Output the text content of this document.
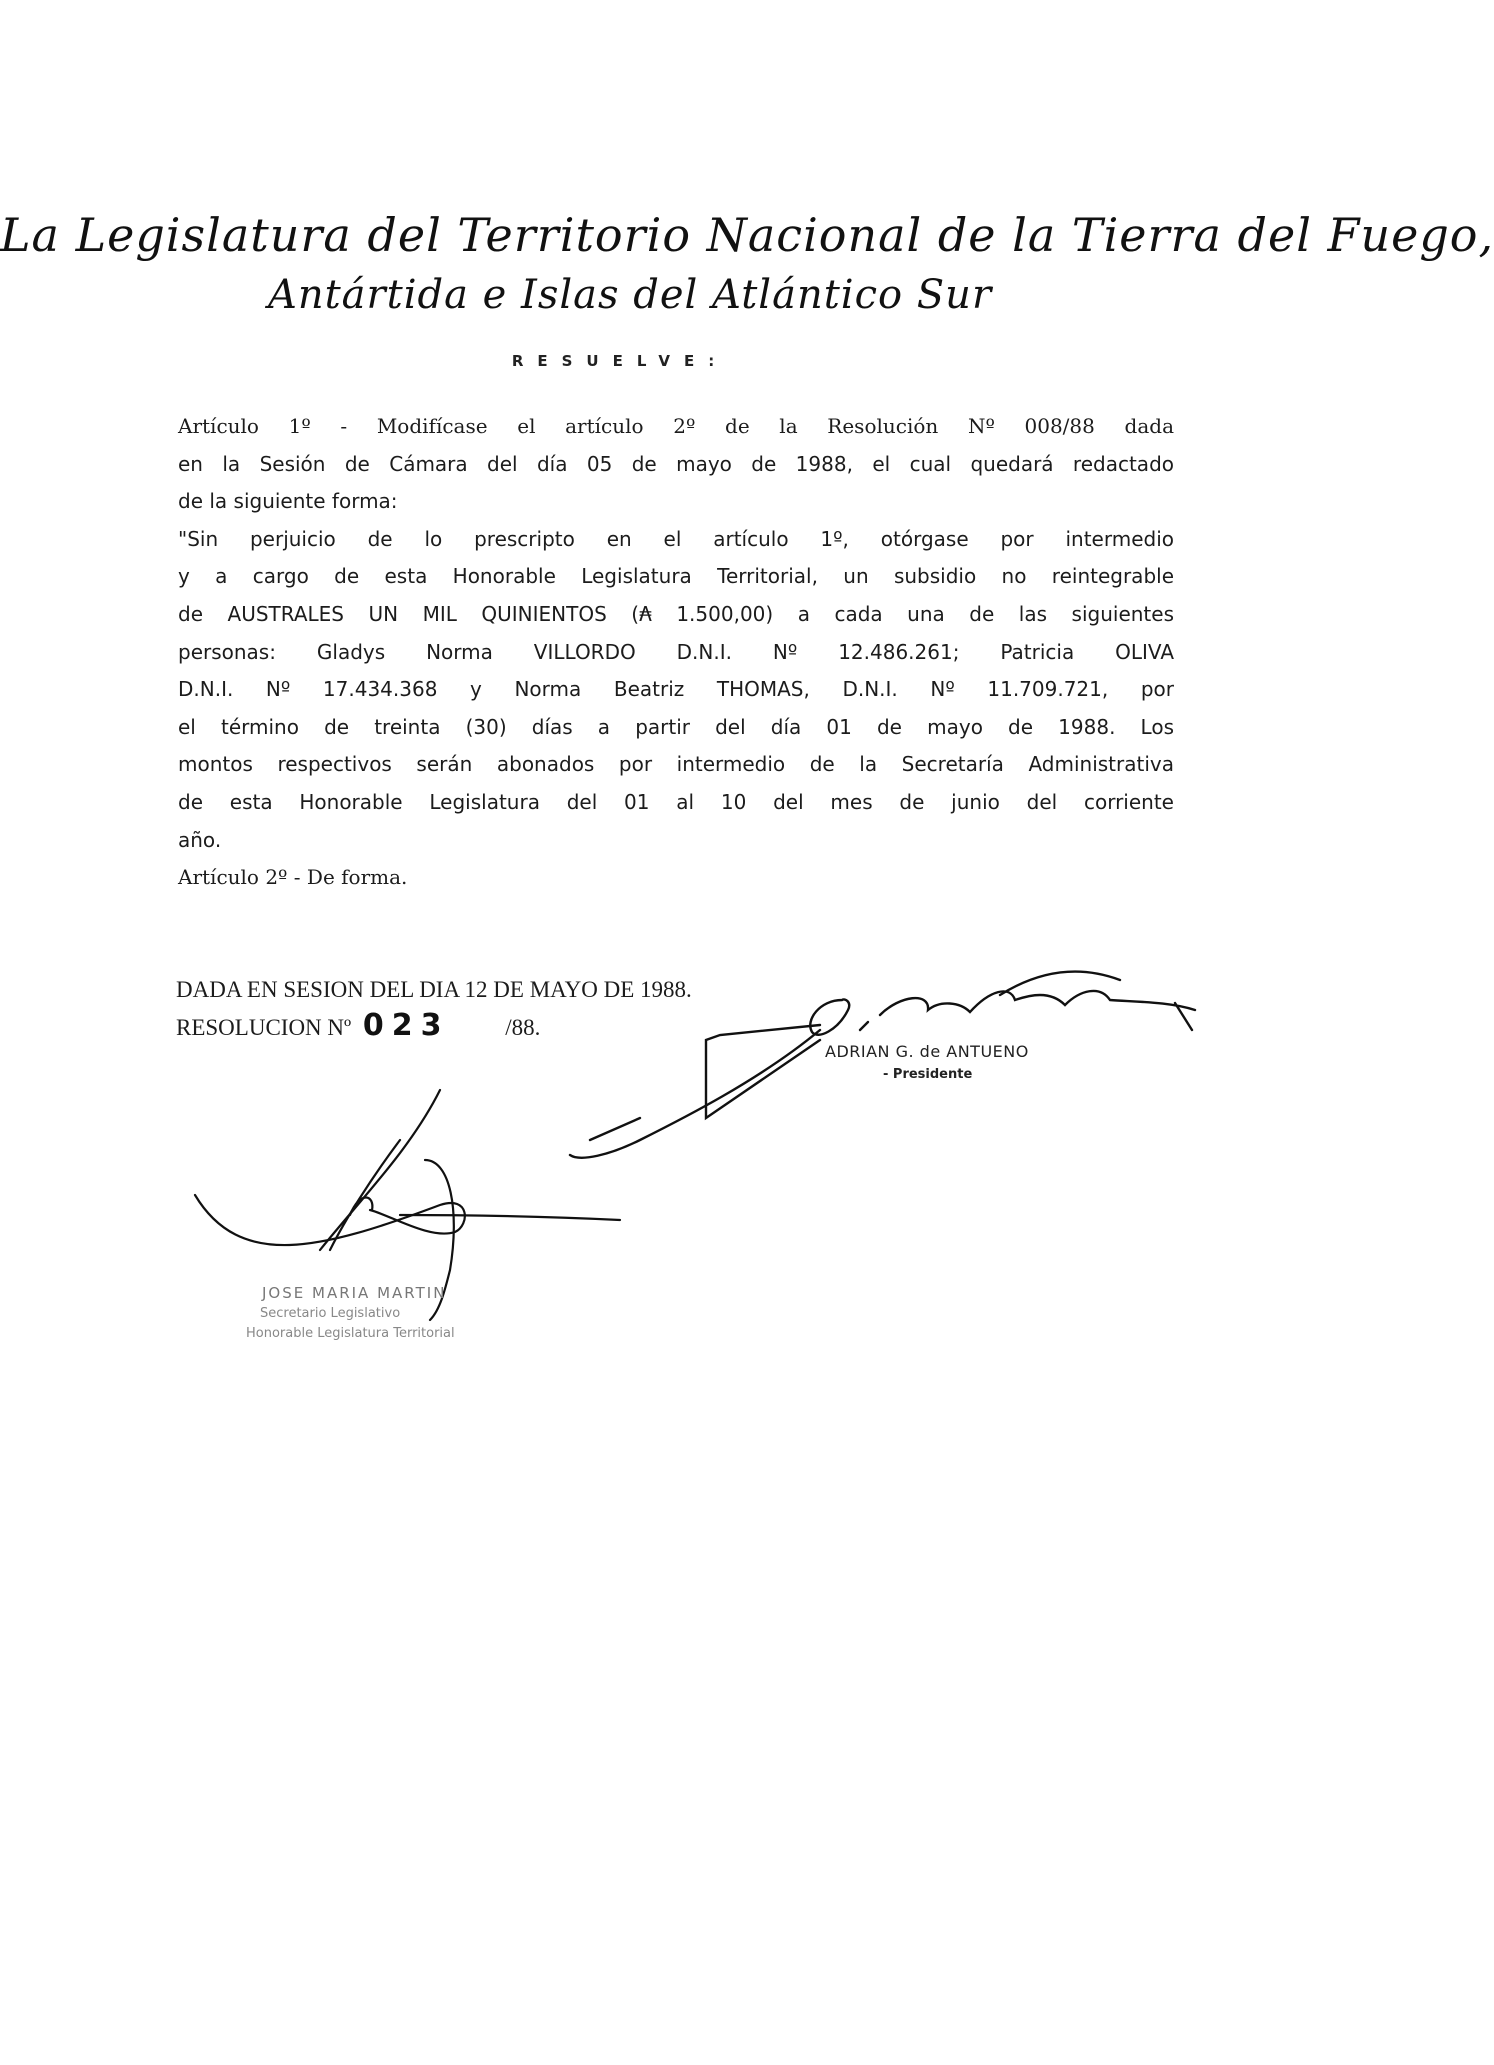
La Legislatura del Territorio Nacional de la Tierra del Fuego,
Antártida e Islas del Atlántico Sur
RESUELVE:
Artículo 1º - Modifícase el artículo 2º de la Resolución Nº 008/88 dada
en la Sesión de Cámara del día 05 de mayo de 1988, el cual quedará redactado
de la siguiente forma:
"Sin perjuicio de lo prescripto en el artículo 1º, otórgase por intermedio
y a cargo de esta Honorable Legislatura Territorial, un subsidio no reintegrable
de AUSTRALES UN MIL QUINIENTOS (₳ 1.500,00) a cada una de las siguientes
personas: Gladys Norma VILLORDO D.N.I. Nº 12.486.261; Patricia OLIVA
D.N.I. Nº 17.434.368 y Norma Beatriz THOMAS, D.N.I. Nº 11.709.721, por
el término de treinta (30) días a partir del día 01 de mayo de 1988. Los
montos respectivos serán abonados por intermedio de la Secretaría Administrativa
de esta Honorable Legislatura del 01 al 10 del mes de junio del corriente
año.
Artículo 2º - De forma.
DADA EN SESION DEL DIA 12 DE MAYO DE 1988.
RESOLUCION Nº 023 /88.
ADRIAN G. de ANTUENO
- Presidente
JOSE MARIA MARTIN
Secretario Legislativo
Honorable Legislatura Territorial
